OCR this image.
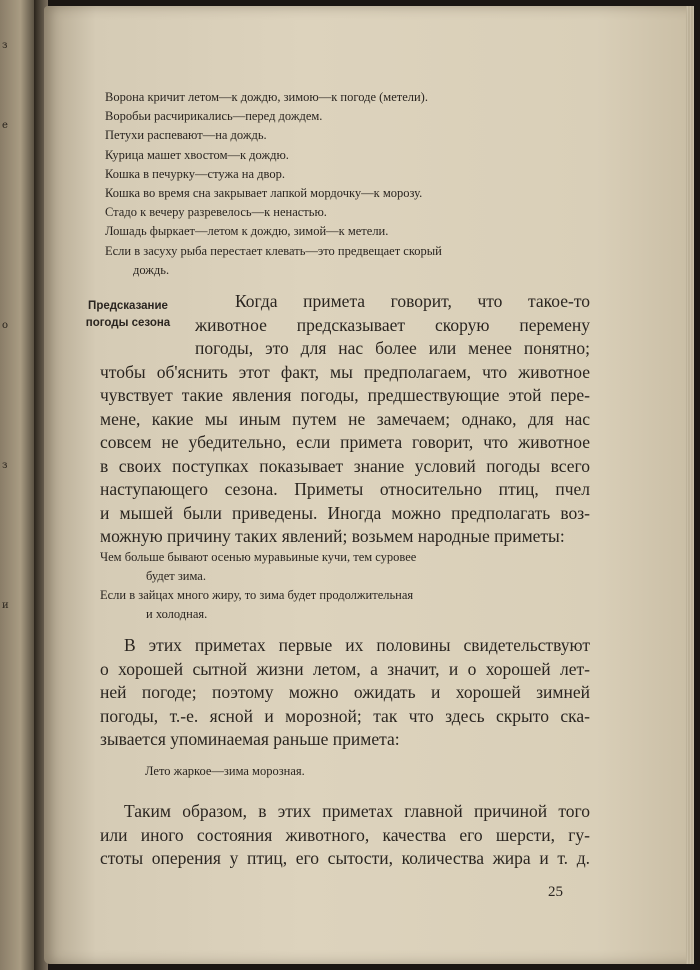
з
е
о
з
и
Ворона кричит летом—к дождю, зимою—к погоде (метели).
Воробьи расчирикались—перед дождем.
Петухи распевают—на дождь.
Курица машет хвостом—к дождю.
Кошка в печурку—стужа на двор.
Кошка во время сна закрывает лапкой мордочку—к морозу.
Стадо к вечеру разревелось—к ненастью.
Лошадь фыркает—летом к дождю, зимой—к метели.
Если в засуху рыба перестает клевать—это предвещает скорый
дождь.
Предсказание
погоды сезона
Когда примета говорит, что такое-то
животное предсказывает скорую перемену
погоды, это для нас более или менее понятно;
чтобы об'яснить этот факт, мы предполагаем, что животное
чувствует такие явления погоды, предшествующие этой пере-
мене, какие мы иным путем не замечаем; однако, для нас
совсем не убедительно, если примета говорит, что животное
в своих поступках показывает знание условий погоды всего
наступающего сезона. Приметы относительно птиц, пчел
и мышей были приведены. Иногда можно предполагать воз-
можную причину таких явлений; возьмем народные приметы:
Чем больше бывают осенью муравьиные кучи, тем суровее
будет зима.
Если в зайцах много жиру, то зима будет продолжительная
и холодная.
В этих приметах первые их половины свидетельствуют
о хорошей сытной жизни летом, а значит, и о хорошей лет-
ней погоде; поэтому можно ожидать и хорошей зимней
погоды, т.-е. ясной и морозной; так что здесь скрыто ска-
зывается упоминаемая раньше примета:
Лето жаркое—зима морозная.
Таким образом, в этих приметах главной причиной того
или иного состояния животного, качества его шерсти, гу-
стоты оперения у птиц, его сытости, количества жира и т. д.
25
